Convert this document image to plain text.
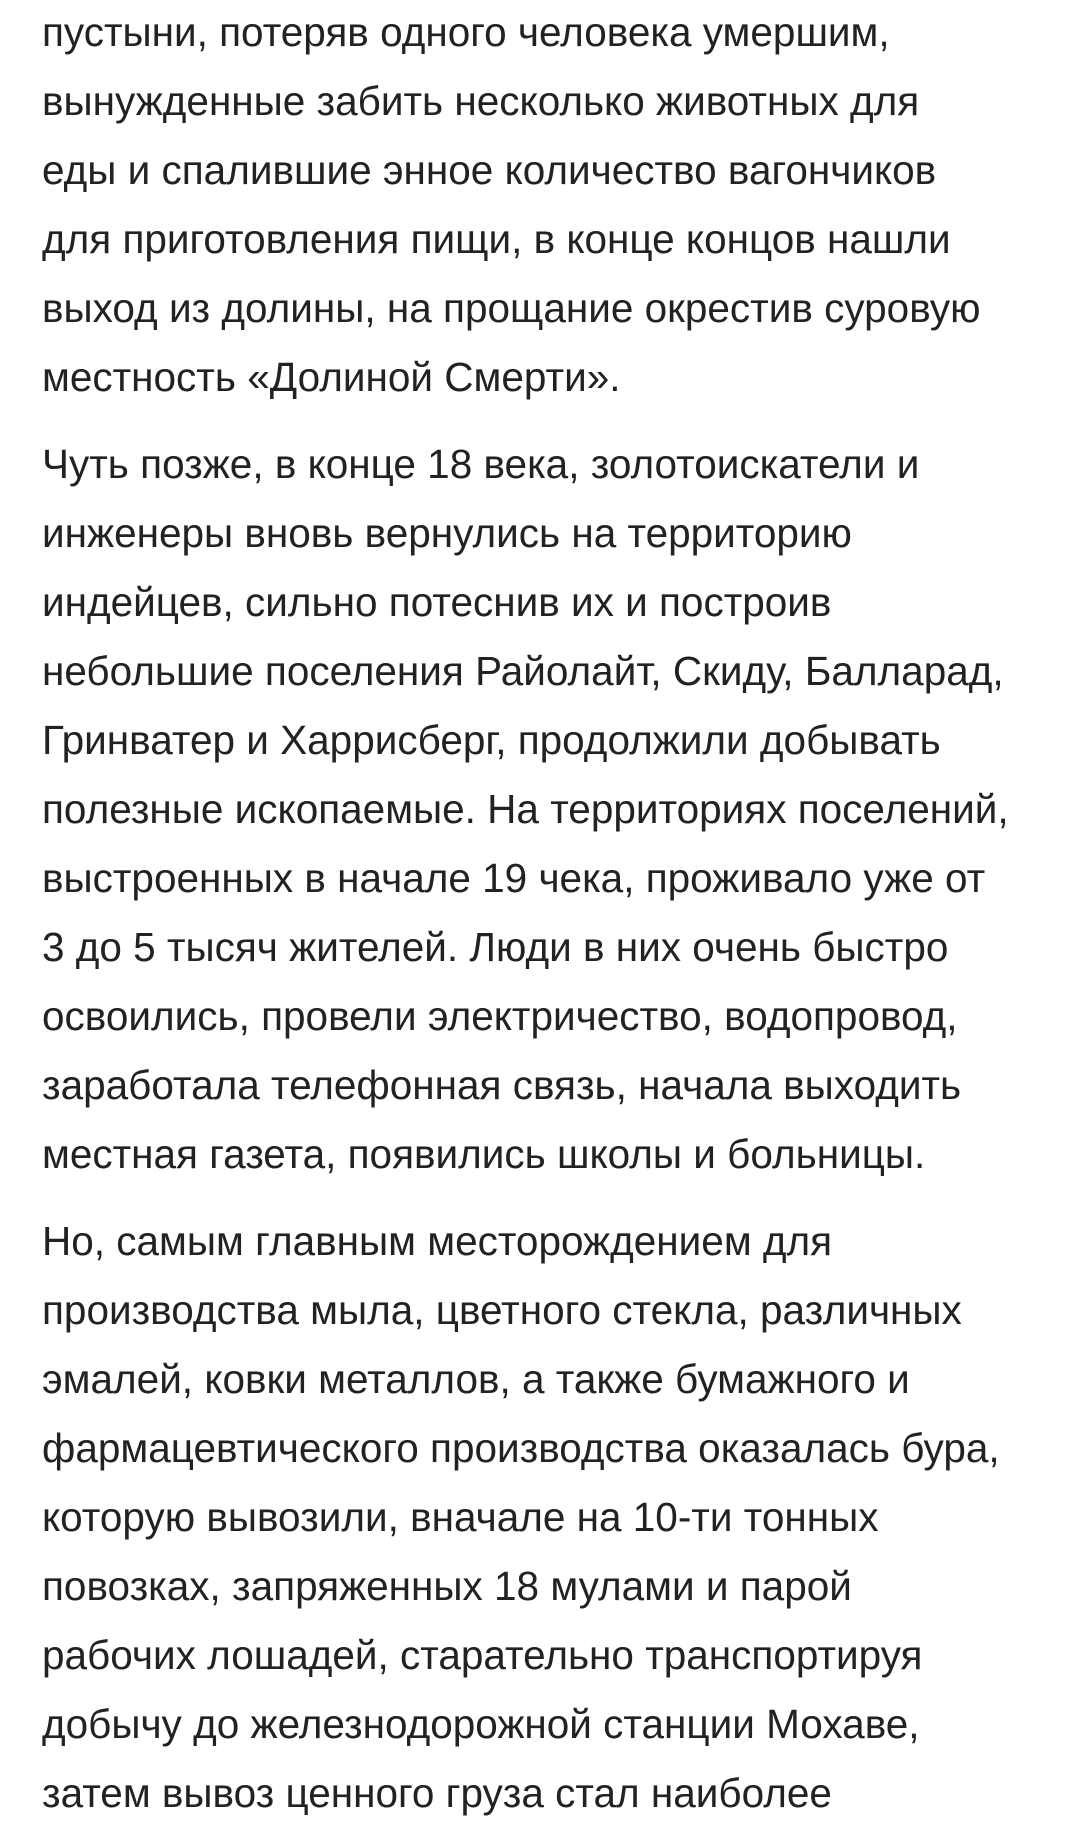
пустыни, потеряв одного человека умершим,
вынужденные забить несколько животных для
еды и спалившие энное количество вагончиков
для приготовления пищи, в конце концов нашли
выход из долины, на прощание окрестив суровую
местность «Долиной Смерти».

Чуть позже, в конце 18 века, золотоискатели и
инженеры вновь вернулись на территорию
индейцев, сильно потеснив их и построив
небольшие поселения Райолайт, Скиду, Балларад,
Гринватер и Харрисберг, продолжили добывать
полезные ископаемые. На территориях поселений,
выстроенных в начале 19 чека, проживало уже от
3 до 5 тысяч жителей. Люди в них очень быстро
освоились, провели электричество, водопровод,
заработала телефонная связь, начала выходить
местная газета, появились школы и больницы.

Но, самым главным месторождением для
производства мыла, цветного стекла, различных
эмалей, ковки металлов, а также бумажного и
фармацевтического производства оказалась бура,
которую вывозили, вначале на 10-ти тонных
повозках, запряженных 18 мулами и парой
рабочих лошадей, старательно транспортируя
добычу до железнодорожной станции Мохаве,
затем вывоз ценного груза стал наиболее
